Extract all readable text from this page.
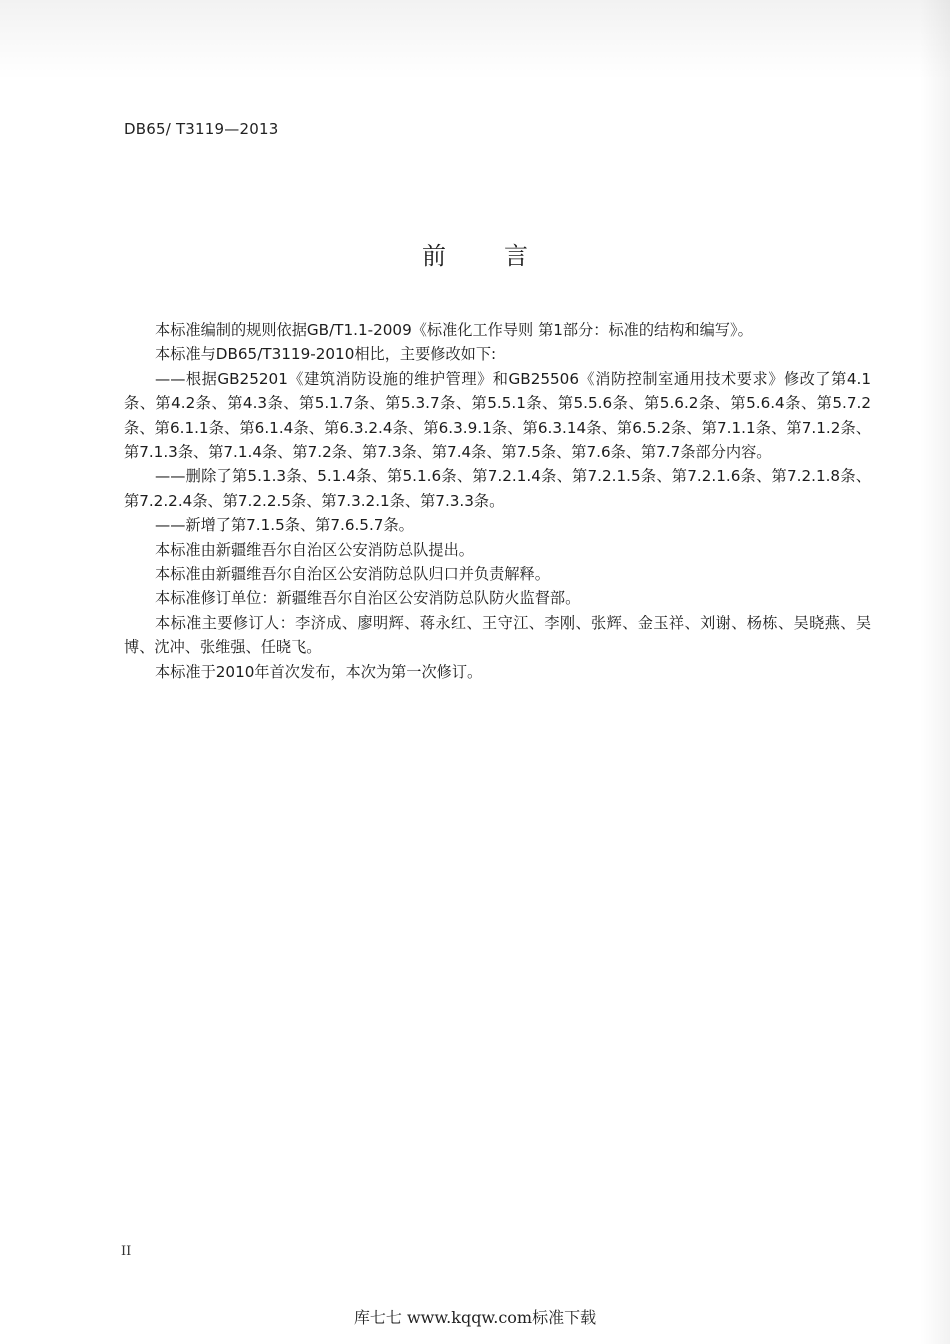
DB65/ T3119—2013
前言

本标准编制的规则依据GB/T1.1-2009《标准化工作导则 第1部分：标准的结构和编写》。

本标准与DB65/T3119-2010相比，主要修改如下:

——根据GB25201《建筑消防设施的维护管理》和GB25506《消防控制室通用技术要求》修改了第4.1条、第4.2条、第4.3条、第5.1.7条、第5.3.7条、第5.5.1条、第5.5.6条、第5.6.2条、第5.6.4条、第5.7.2条、第6.1.1条、第6.1.4条、第6.3.2.4条、第6.3.9.1条、第6.3.14条、第6.5.2条、第7.1.1条、第7.1.2条、第7.1.3条、第7.1.4条、第7.2条、第7.3条、第7.4条、第7.5条、第7.6条、第7.7条部分内容。

——删除了第5.1.3条、5.1.4条、第5.1.6条、第7.2.1.4条、第7.2.1.5条、第7.2.1.6条、第7.2.1.8条、第7.2.2.4条、第7.2.2.5条、第7.3.2.1条、第7.3.3条。

——新增了第7.1.5条、第7.6.5.7条。

本标准由新疆维吾尔自治区公安消防总队提出。

本标准由新疆维吾尔自治区公安消防总队归口并负责解释。

本标准修订单位：新疆维吾尔自治区公安消防总队防火监督部。

本标准主要修订人：李济成、廖明辉、蒋永红、王守江、李刚、张辉、金玉祥、刘谢、杨栋、吴晓燕、吴博、沈冲、张维强、任晓飞。

本标准于2010年首次发布，本次为第一次修订。

II
库七七 www.kqqw.com标准下载
